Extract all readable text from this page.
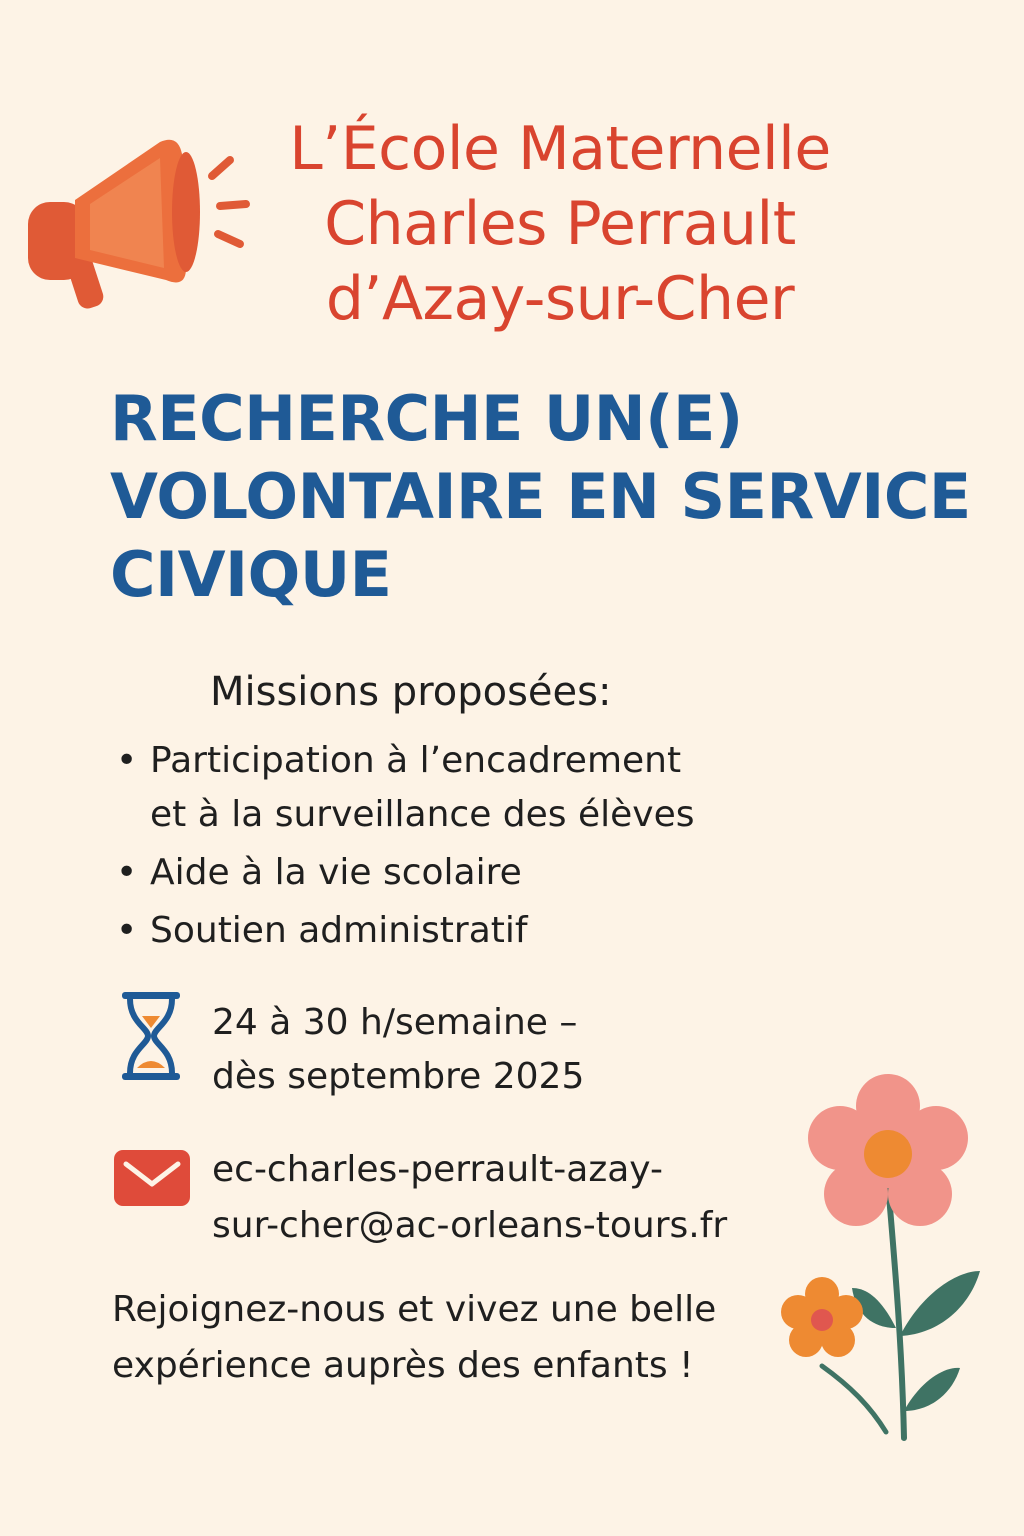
L’École Maternelle
Charles Perrault
d’Azay-sur-Cher
RECHERCHE UN(E)
VOLONTAIRE EN SERVICE
CIVIQUE
Missions proposées:
• Participation à l’encadrement
et à la surveillance des élèves
• Aide à la vie scolaire
• Soutien administratif
24 à 30 h/semaine –
dès septembre 2025
ec-charles-perrault-azay-
sur-cher@ac-orleans-tours.fr
Rejoignez-nous et vivez une belle
expérience auprès des enfants !
